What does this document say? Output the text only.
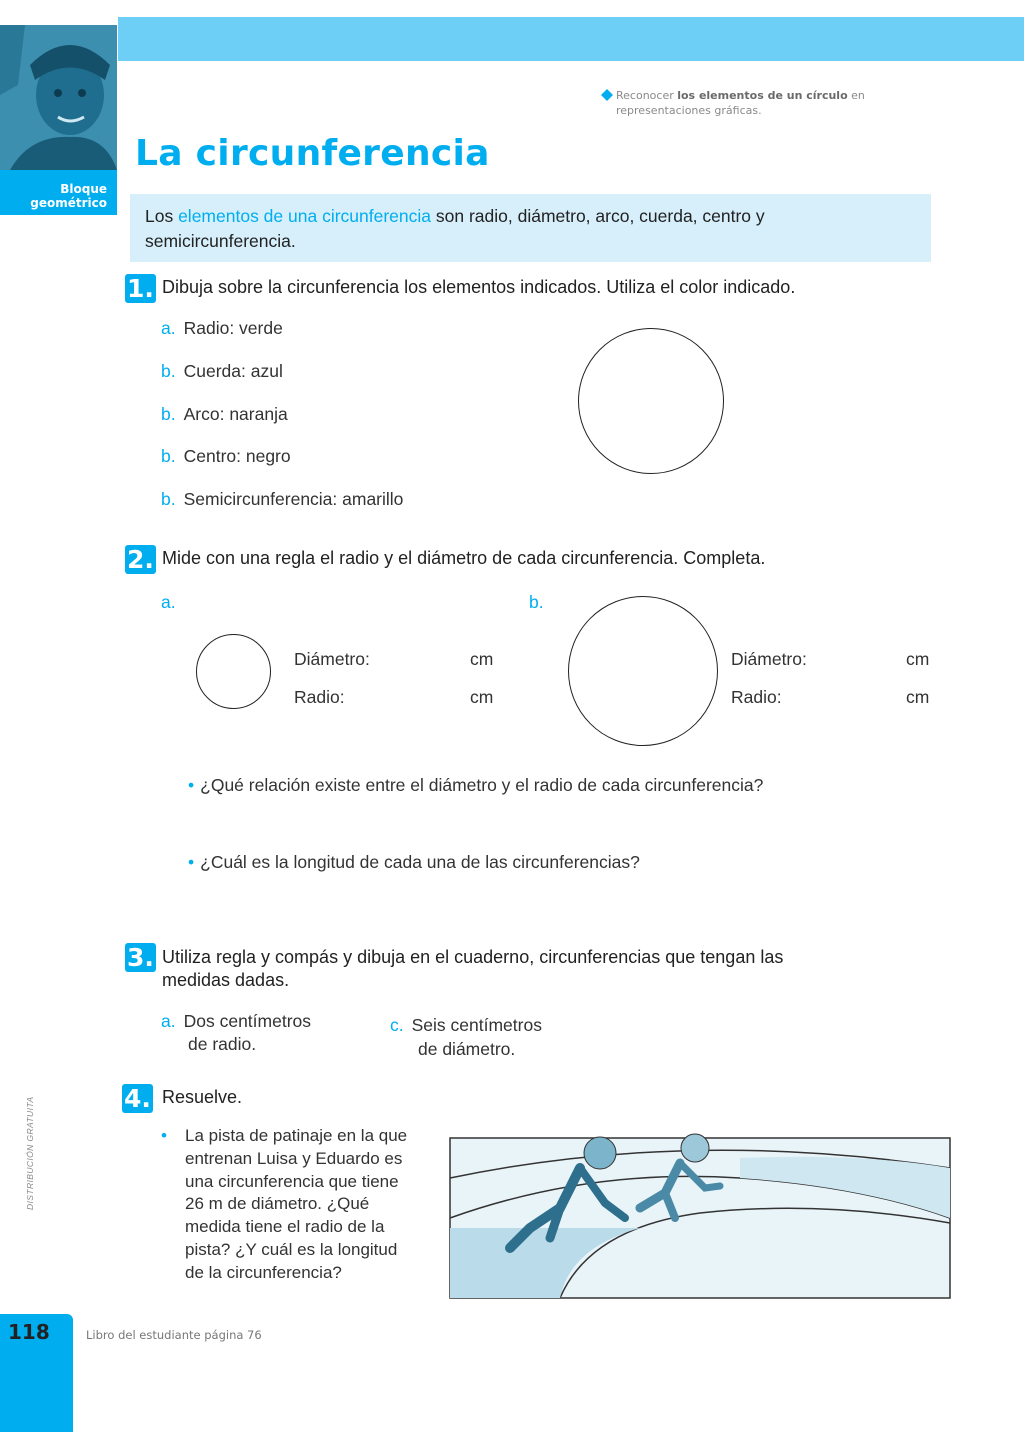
Bloque
geométrico
Reconocer los elementos de un círculo en
representaciones gráficas.
La circunferencia

Los elementos de una circunferencia son radio, diámetro, arco, cuerda, centro y
semicircunferencia.

1. Dibuja sobre la circunferencia los elementos indicados. Utiliza el color indicado.
a. Radio: verde
b. Cuerda: azul
b. Arco: naranja
b. Centro: negro
b. Semicircunferencia: amarillo
2. Mide con una regla el radio y el diámetro de cada circunferencia. Completa.
a.	b.
Diámetro:	cm
Radio:	cm
Diámetro:	cm
Radio:	cm
• ¿Qué relación existe entre el diámetro y el radio de cada circunferencia?
• ¿Cuál es la longitud de cada una de las circunferencias?
3. Utiliza regla y compás y dibuja en el cuaderno, circunferencias que tengan las
medidas dadas.
a. Dos centímetros
de radio.
c. Seis centímetros
de diámetro.
4. Resuelve.
• La pista de patinaje en la que
entrenan Luisa y Eduardo es
una circunferencia que tiene
26 m de diámetro. ¿Qué
medida tiene el radio de la
pista? ¿Y cuál es la longitud
de la circunferencia?
118	Libro del estudiante página 76
DISTRIBUCIÓN GRATUITA
